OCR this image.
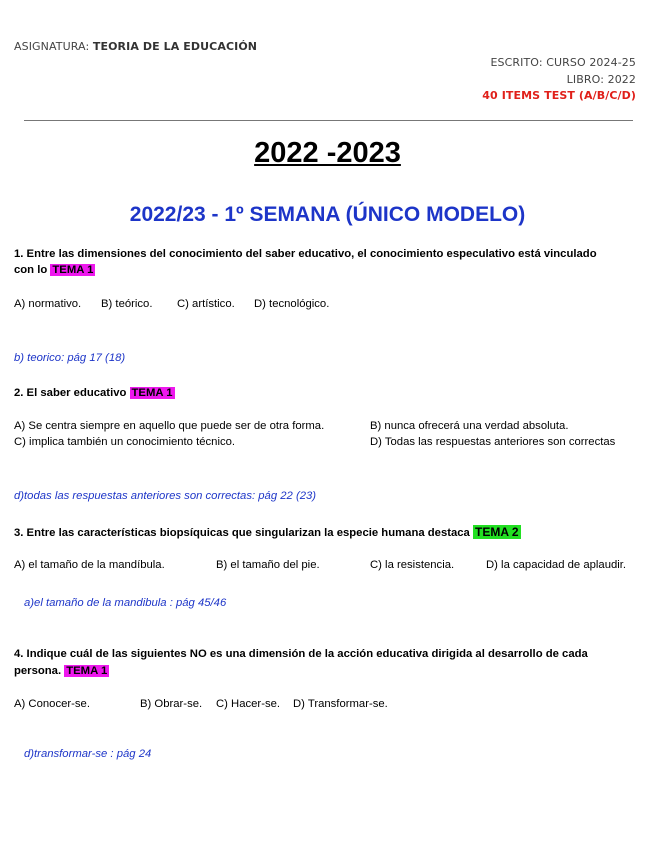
ASIGNATURA: TEORIA DE LA EDUCACIÓN
ESCRITO: CURSO 2024-25
LIBRO: 2022
40 ITEMS TEST (A/B/C/D)
2022 -2023
2022/23 - 1º SEMANA (ÚNICO MODELO)
1. Entre las dimensiones del conocimiento del saber educativo, el conocimiento especulativo está vinculado
con lo TEMA 1
A) normativo. B) teórico. C) artístico. D) tecnológico.
b) teorico: pág 17 (18)
2. El saber educativo TEMA 1
A) Se centra siempre en aquello que puede ser de otra forma.	B) nunca ofrecerá una verdad absoluta.
C) implica también un conocimiento técnico.	D) Todas las respuestas anteriores son correctas
d)todas las respuestas anteriores son correctas: pág 22 (23)
3. Entre las características biopsíquicas que singularizan la especie humana destaca TEMA 2
A) el tamaño de la mandíbula.	B) el tamaño del pie.	C) la resistencia.	D) la capacidad de aplaudir.
a)el tamaño de la mandibula : pág 45/46
4. Indique cuál de las siguientes NO es una dimensión de la acción educativa dirigida al desarrollo de cada
persona. TEMA 1
A) Conocer-se.	B) Obrar-se. C) Hacer-se. D) Transformar-se.
d)transformar-se : pág 24
